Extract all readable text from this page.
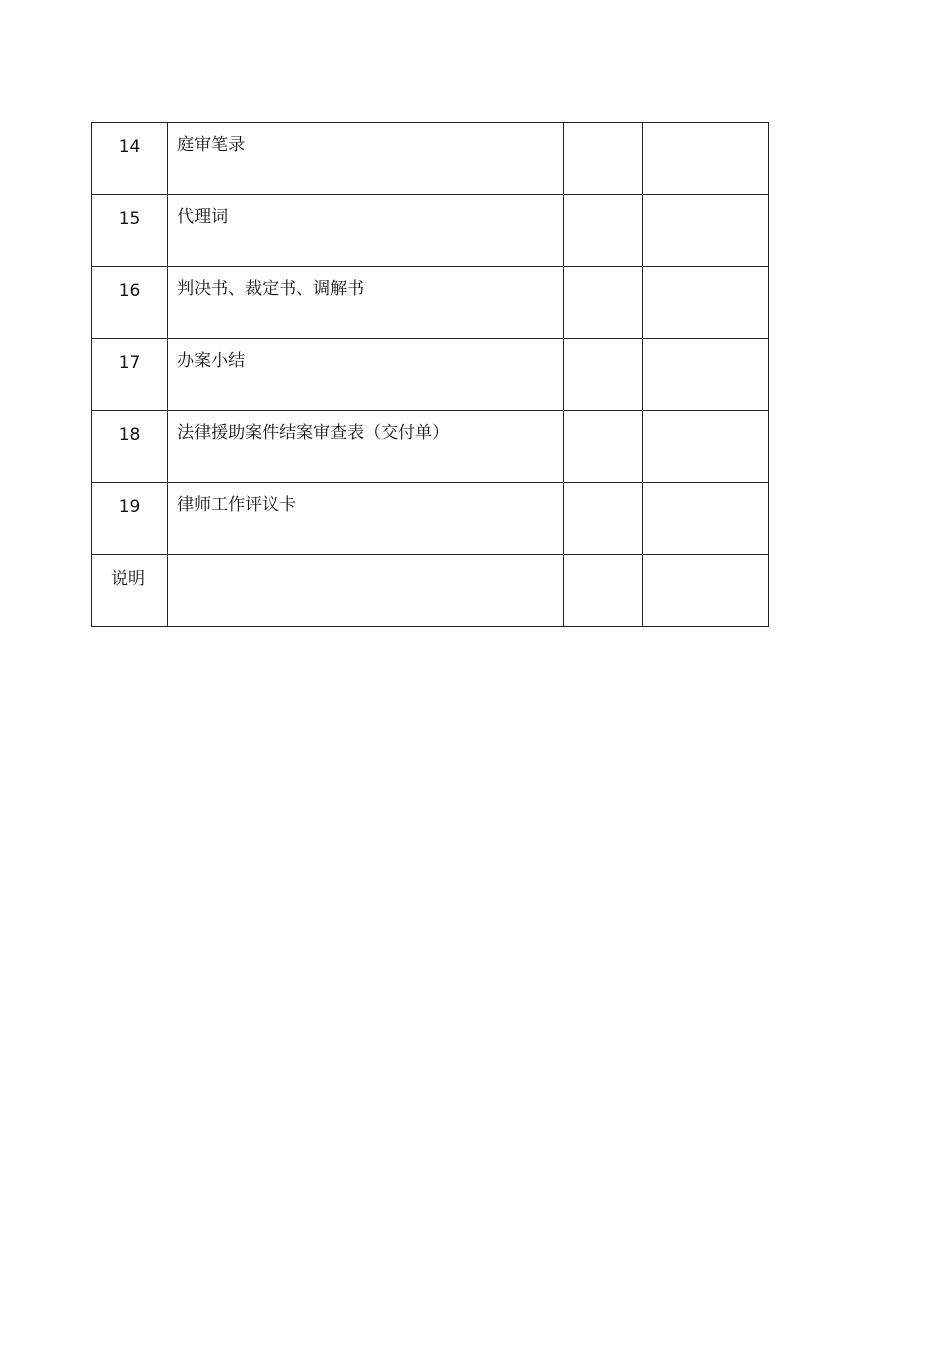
14	庭审笔录		
15	代理词		
16	判决书、裁定书、调解书		
17	办案小结		
18	法律援助案件结案审查表（交付单）		
19	律师工作评议卡		
说明			
